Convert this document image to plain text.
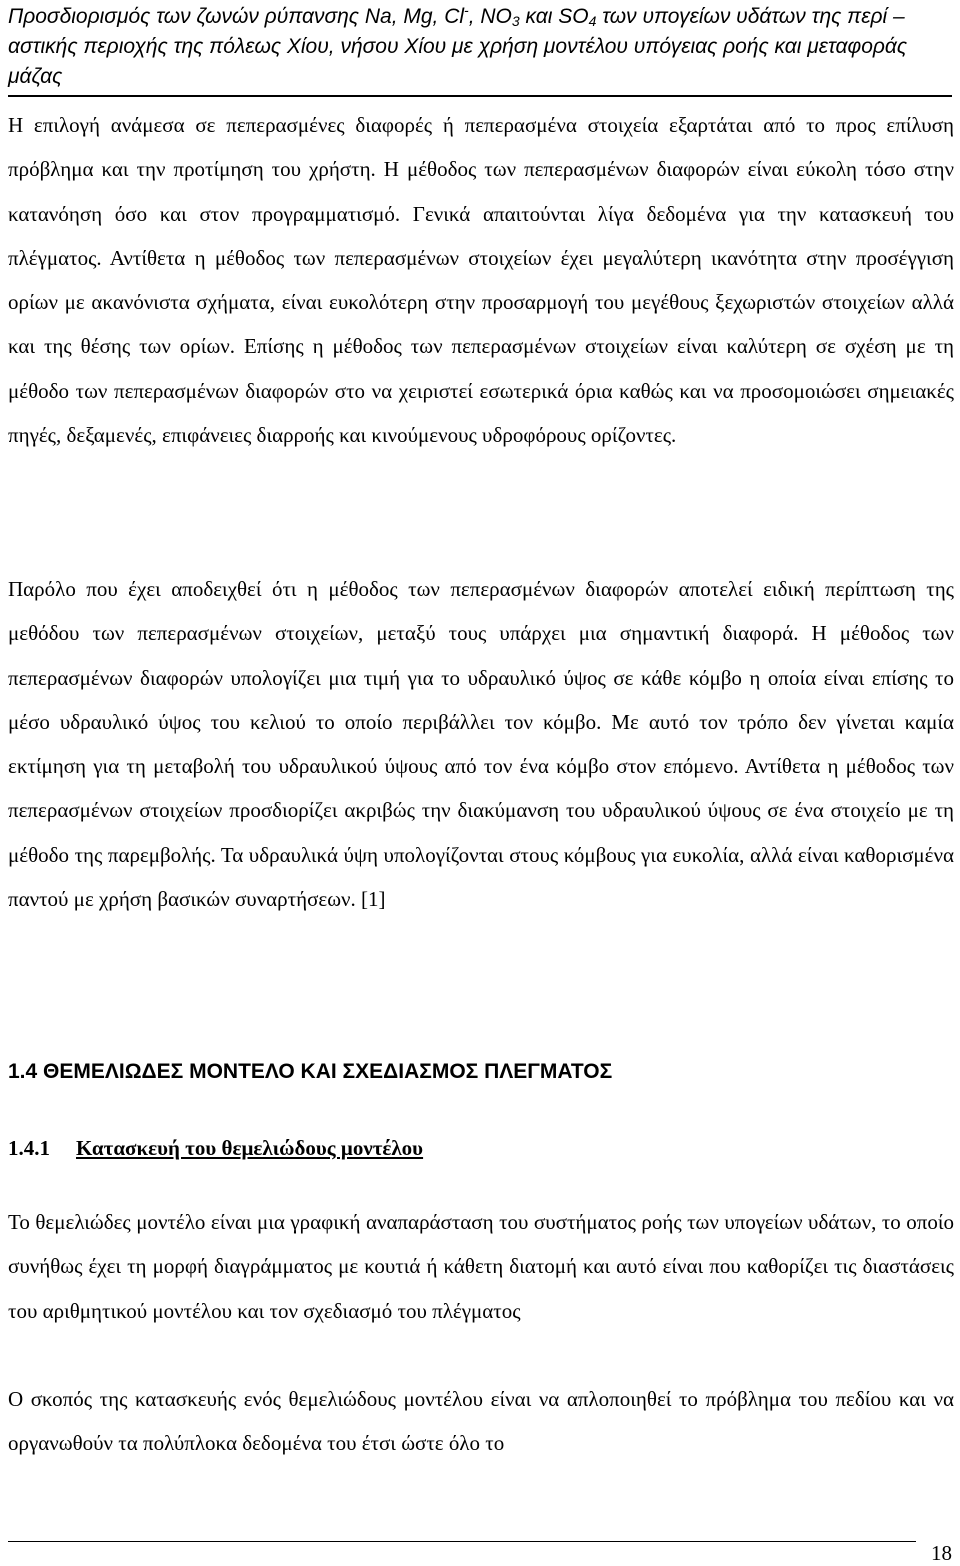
Προσδιορισμός των ζωνών ρύπανσης Na, Mg, Cl-, $NO_3$ και $SO_4$ των υπογείων υδάτων της περί – αστικής περιοχής της πόλεως Χίου, νήσου Χίου με χρήση μοντέλου υπόγειας ροής και μεταφοράς μάζας

Η επιλογή ανάμεσα σε πεπερασμένες διαφορές ή πεπερασμένα στοιχεία εξαρτάται από το προς επίλυση πρόβλημα και την προτίμηση του χρήστη. Η μέθοδος των πεπερασμένων διαφορών είναι εύκολη τόσο στην κατανόηση όσο και στον προγραμματισμό. Γενικά απαιτούνται λίγα δεδομένα για την κατασκευή του πλέγματος. Αντίθετα η μέθοδος των πεπερασμένων στοιχείων έχει μεγαλύτερη ικανότητα στην προσέγγιση ορίων με ακανόνιστα σχήματα, είναι ευκολότερη στην προσαρμογή του μεγέθους ξεχωριστών στοιχείων αλλά και της θέσης των ορίων. Επίσης η μέθοδος των πεπερασμένων στοιχείων είναι καλύτερη σε σχέση με τη μέθοδο των πεπερασμένων διαφορών στο να χειριστεί εσωτερικά όρια καθώς και να προσομοιώσει σημειακές πηγές, δεξαμενές, επιφάνειες διαρροής και κινούμενους υδροφόρους ορίζοντες.

Παρόλο που έχει αποδειχθεί ότι η μέθοδος των πεπερασμένων διαφορών αποτελεί ειδική περίπτωση της μεθόδου των πεπερασμένων στοιχείων, μεταξύ τους υπάρχει μια σημαντική διαφορά. Η μέθοδος των πεπερασμένων διαφορών υπολογίζει μια τιμή για το υδραυλικό ύψος σε κάθε κόμβο η οποία είναι επίσης το μέσο υδραυλικό ύψος του κελιού το οποίο περιβάλλει τον κόμβο. Με αυτό τον τρόπο δεν γίνεται καμία εκτίμηση για τη μεταβολή του υδραυλικού ύψους από τον ένα κόμβο στον επόμενο. Αντίθετα η μέθοδος των πεπερασμένων στοιχείων προσδιορίζει ακριβώς την διακύμανση του υδραυλικού ύψους σε ένα στοιχείο με τη μέθοδο της παρεμβολής. Τα υδραυλικά ύψη υπολογίζονται στους κόμβους για ευκολία, αλλά είναι καθορισμένα παντού με χρήση βασικών συναρτήσεων. [1]

1.4 ΘΕΜΕΛΙΩΔΕΣ ΜΟΝΤΕΛΟ ΚΑΙ ΣΧΕΔΙΑΣΜΟΣ ΠΛΕΓΜΑΤΟΣ
1.4.1 Κατασκευή του θεμελιώδους μοντέλου

Το θεμελιώδες μοντέλο είναι μια γραφική αναπαράσταση του συστήματος ροής των υπογείων υδάτων, το οποίο συνήθως έχει τη μορφή διαγράμματος με κουτιά ή κάθετη διατομή και αυτό είναι που καθορίζει τις διαστάσεις του αριθμητικού μοντέλου και τον σχεδιασμό του πλέγματος

Ο σκοπός της κατασκευής ενός θεμελιώδους μοντέλου είναι να απλοποιηθεί το πρόβλημα του πεδίου και να οργανωθούν τα πολύπλοκα δεδομένα του έτσι ώστε όλο το

18
